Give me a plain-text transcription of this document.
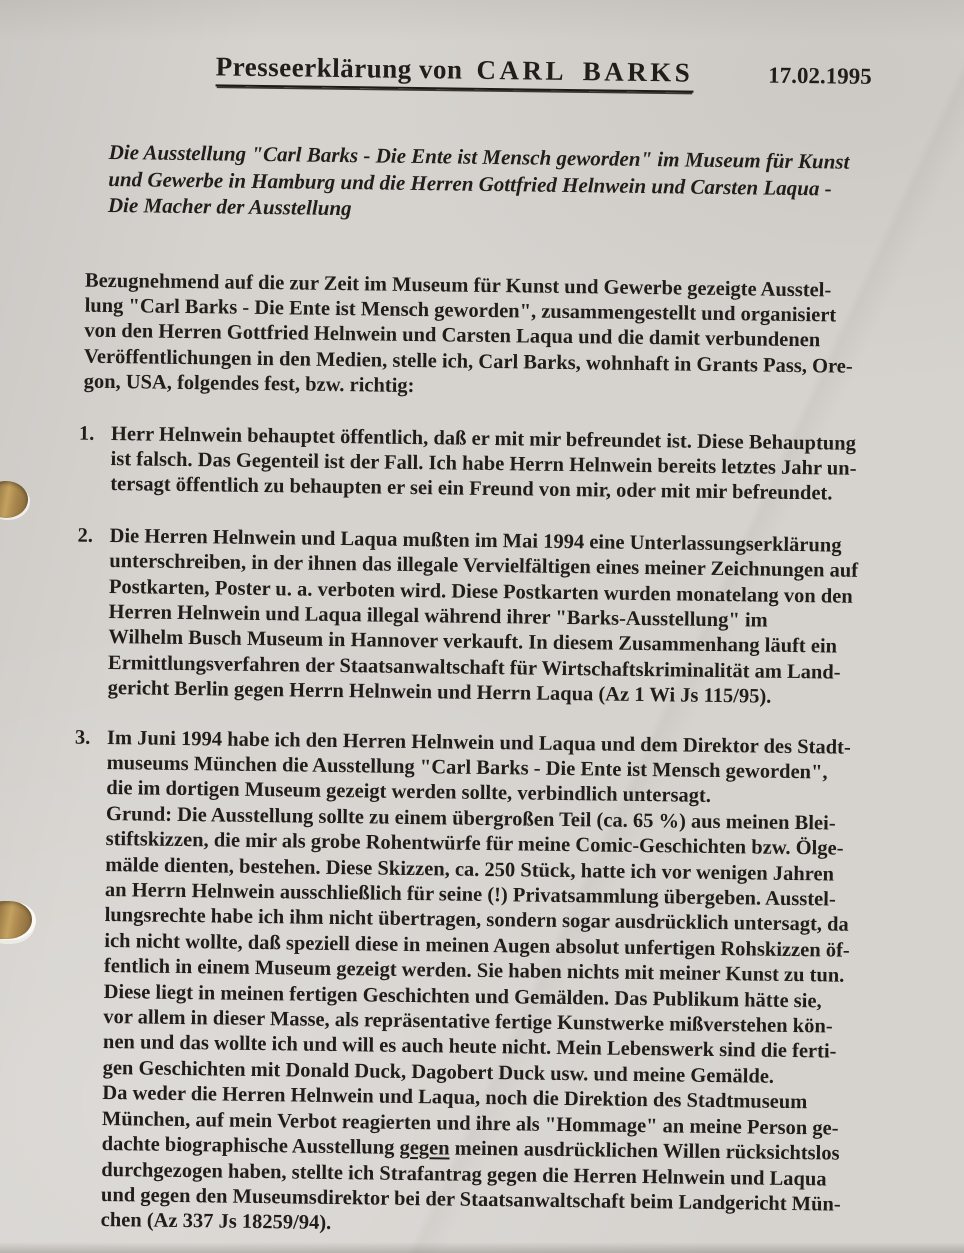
Presseerklärung von CARL BARKS	17.02.1995
Die Ausstellung "Carl Barks - Die Ente ist Mensch geworden" im Museum für Kunst
und Gewerbe in Hamburg und die Herren Gottfried Helnwein und Carsten Laqua -
Die Macher der Ausstellung
Bezugnehmend auf die zur Zeit im Museum für Kunst und Gewerbe gezeigte Ausstel-
lung "Carl Barks - Die Ente ist Mensch geworden", zusammengestellt und organisiert
von den Herren Gottfried Helnwein und Carsten Laqua und die damit verbundenen
Veröffentlichungen in den Medien, stelle ich, Carl Barks, wohnhaft in Grants Pass, Ore-
gon, USA, folgendes fest, bzw. richtig:
1. Herr Helnwein behauptet öffentlich, daß er mit mir befreundet ist. Diese Behauptung
ist falsch. Das Gegenteil ist der Fall. Ich habe Herrn Helnwein bereits letztes Jahr un-
tersagt öffentlich zu behaupten er sei ein Freund von mir, oder mit mir befreundet.
2. Die Herren Helnwein und Laqua mußten im Mai 1994 eine Unterlassungserklärung
unterschreiben, in der ihnen das illegale Vervielfältigen eines meiner Zeichnungen auf
Postkarten, Poster u. a. verboten wird. Diese Postkarten wurden monatelang von den
Herren Helnwein und Laqua illegal während ihrer "Barks-Ausstellung" im
Wilhelm Busch Museum in Hannover verkauft. In diesem Zusammenhang läuft ein
Ermittlungsverfahren der Staatsanwaltschaft für Wirtschaftskriminalität am Land-
gericht Berlin gegen Herrn Helnwein und Herrn Laqua (Az 1 Wi Js 115/95).
3. Im Juni 1994 habe ich den Herren Helnwein und Laqua und dem Direktor des Stadt-
museums München die Ausstellung "Carl Barks - Die Ente ist Mensch geworden",
die im dortigen Museum gezeigt werden sollte, verbindlich untersagt.
Grund: Die Ausstellung sollte zu einem übergroßen Teil (ca. 65 %) aus meinen Blei-
stiftskizzen, die mir als grobe Rohentwürfe für meine Comic-Geschichten bzw. Ölge-
mälde dienten, bestehen. Diese Skizzen, ca. 250 Stück, hatte ich vor wenigen Jahren
an Herrn Helnwein ausschließlich für seine (!) Privatsammlung übergeben. Ausstel-
lungsrechte habe ich ihm nicht übertragen, sondern sogar ausdrücklich untersagt, da
ich nicht wollte, daß speziell diese in meinen Augen absolut unfertigen Rohskizzen öf-
fentlich in einem Museum gezeigt werden. Sie haben nichts mit meiner Kunst zu tun.
Diese liegt in meinen fertigen Geschichten und Gemälden. Das Publikum hätte sie,
vor allem in dieser Masse, als repräsentative fertige Kunstwerke mißverstehen kön-
nen und das wollte ich und will es auch heute nicht. Mein Lebenswerk sind die ferti-
gen Geschichten mit Donald Duck, Dagobert Duck usw. und meine Gemälde.
Da weder die Herren Helnwein und Laqua, noch die Direktion des Stadtmuseum
München, auf mein Verbot reagierten und ihre als "Hommage" an meine Person ge-
dachte biographische Ausstellung gegen meinen ausdrücklichen Willen rücksichtslos
durchgezogen haben, stellte ich Strafantrag gegen die Herren Helnwein und Laqua
und gegen den Museumsdirektor bei der Staatsanwaltschaft beim Landgericht Mün-
chen (Az 337 Js 18259/94).
